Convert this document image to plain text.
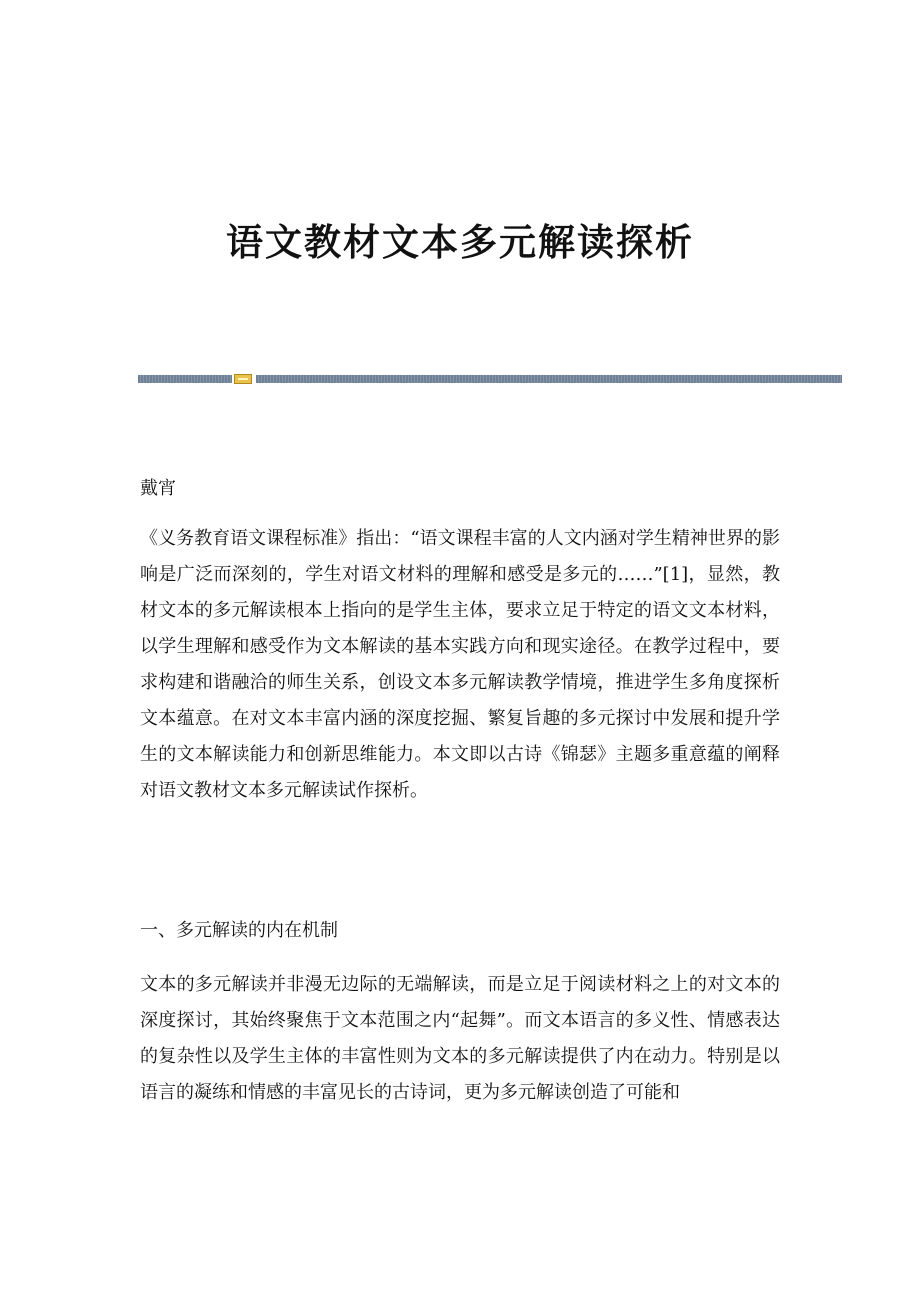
语文教材文本多元解读探析

戴宵

《义务教育语文课程标准》指出：“语文课程丰富的人文内涵对学生精神世界的影响是广泛而深刻的，学生对语文材料的理解和感受是多元的……”[1]，显然，教材文本的多元解读根本上指向的是学生主体，要求立足于特定的语文文本材料，以学生理解和感受作为文本解读的基本实践方向和现实途径。在教学过程中，要求构建和谐融洽的师生关系，创设文本多元解读教学情境，推进学生多角度探析文本蕴意。在对文本丰富内涵的深度挖掘、繁复旨趣的多元探讨中发展和提升学生的文本解读能力和创新思维能力。本文即以古诗《锦瑟》主题多重意蕴的阐释对语文教材文本多元解读试作探析。

一、多元解读的内在机制

文本的多元解读并非漫无边际的无端解读，而是立足于阅读材料之上的对文本的深度探讨，其始终聚焦于文本范围之内“起舞”。而文本语言的多义性、情感表达的复杂性以及学生主体的丰富性则为文本的多元解读提供了内在动力。特别是以语言的凝练和情感的丰富见长的古诗词，更为多元解读创造了可能和
